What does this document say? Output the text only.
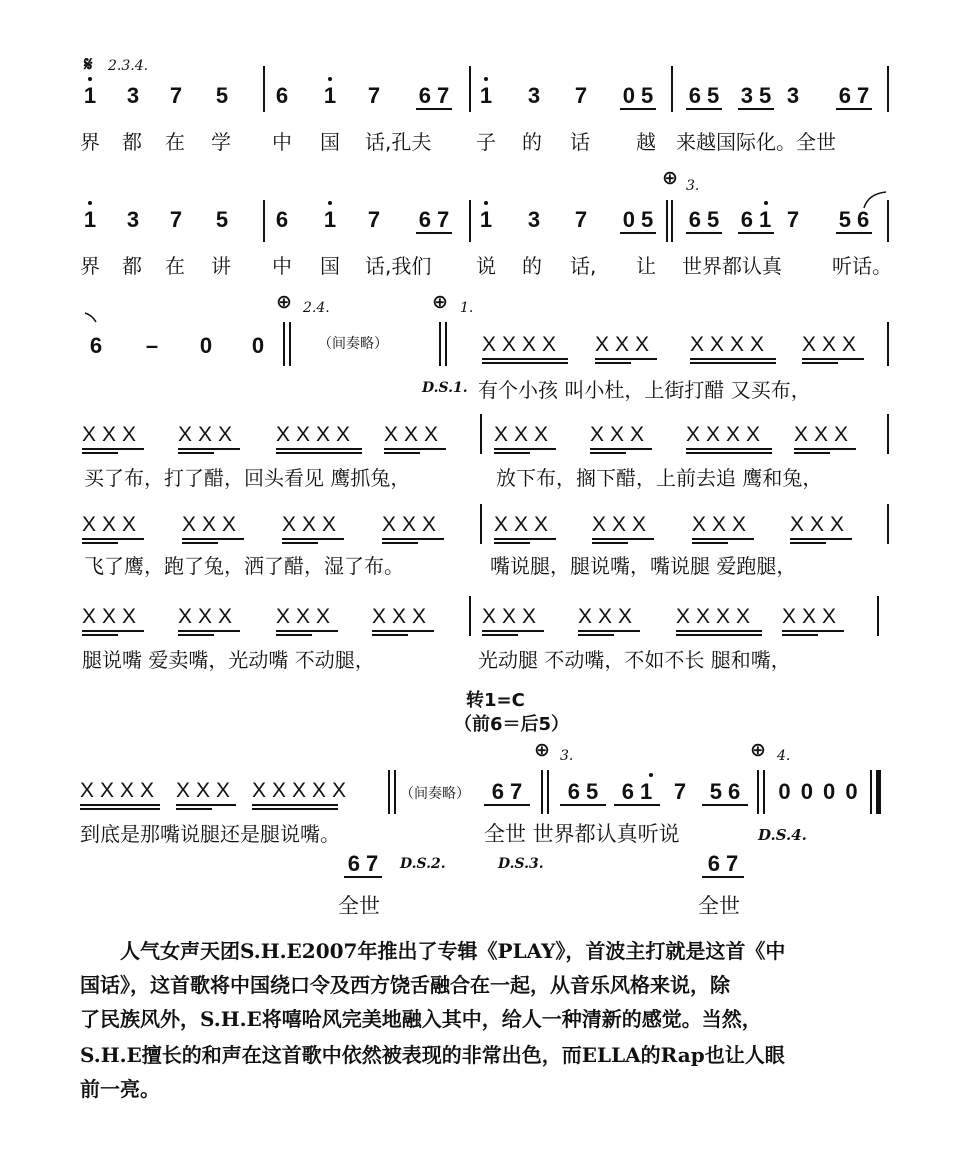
𝄋 2.3.4.
1 3 7 5 6 1 7 6 7 1 3 7 0 5 6 5 3 5 3 6 7
界 都 在 学 中 国 话,孔夫 子 的 话 越 来越国际化。全世
⊕ 3.
1 3 7 5 6 1 7 6 7 1 3 7 0 5 6 5 6 1 7 5 6
界 都 在 讲 中 国 话,我们 说 的 话, 让 世界都认真	听话。
6 – 0 0
⊕ 2.4.
（间奏略）
⊕ 1.
XXXX XXX XXXX XXX
D.S.1. 有个小孩 叫小杜，上街打醋 又买布，
XXX XXX XXXX XXX XXX XXX XXXX XXX
买了布，打了醋，回头看见 鹰抓兔，	放下布，搁下醋，上前去追 鹰和兔，
XXX XXX XXX XXX XXX XXX XXX XXX
飞了鹰，跑了兔，洒了醋，湿了布。	嘴说腿，腿说嘴，嘴说腿 爱跑腿，
XXX XXX XXX XXX XXX XXX XXXX XXX
腿说嘴 爱卖嘴，光动嘴 不动腿，	光动腿 不动嘴，不如不长 腿和嘴，
转1=C
（前6＝后5）
XXXX XXX XXXXX	（间奏略） 6 7
⊕ 3.
6 5	6 1 7	5 6
⊕ 4.
0 0 0 0
到底是那嘴说腿还是腿说嘴。	全世 世界都认真听说	D.S.4.
6 7	D.S.2.	D.S.3.	6 7
全世	全世
人气女声天团S.H.E2007年推出了专辑《PLAY》，首波主打就是这首《中
国话》，这首歌将中国绕口令及西方饶舌融合在一起，从音乐风格来说，除
了民族风外，S.H.E将嘻哈风完美地融入其中，给人一种清新的感觉。当然，
S.H.E擅长的和声在这首歌中依然被表现的非常出色，而ELLA的Rap也让人眼
前一亮。
